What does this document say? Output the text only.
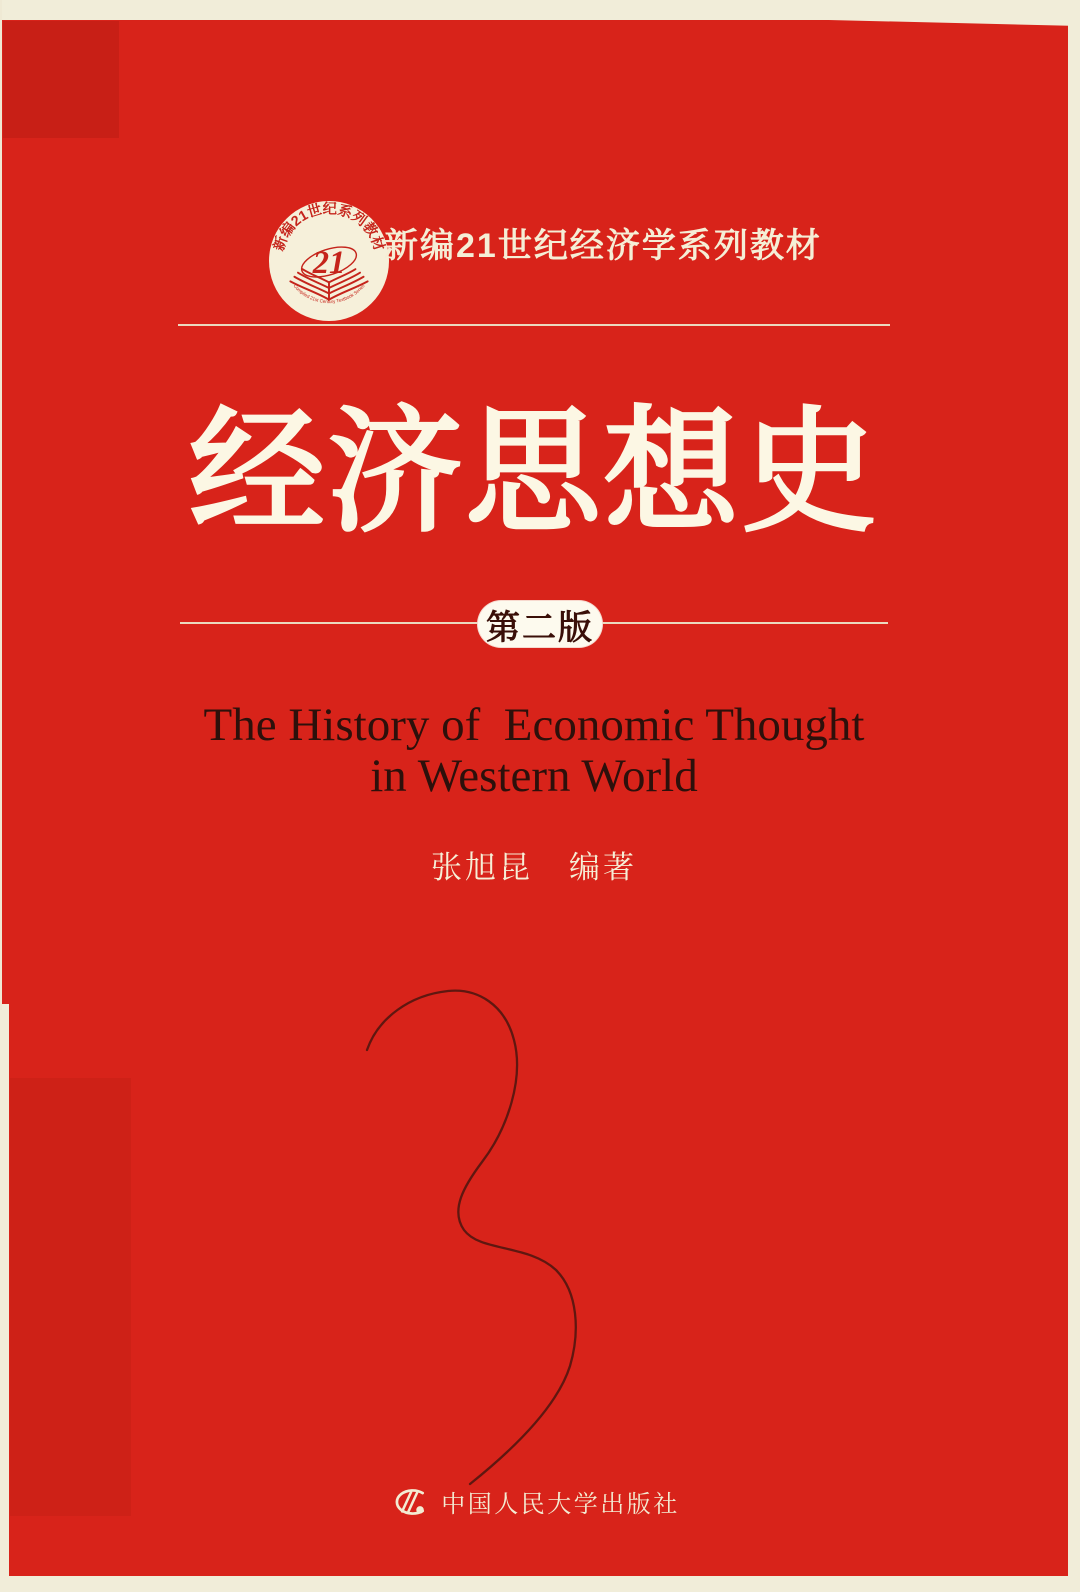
新编21世纪系列教材
21
Compiled 21st Century Textbook Series
新编21世纪经济学系列教材
经济思想史
第二版
The History of  Economic Thought
in Western World
张旭昆 编著
中国人民大学出版社
